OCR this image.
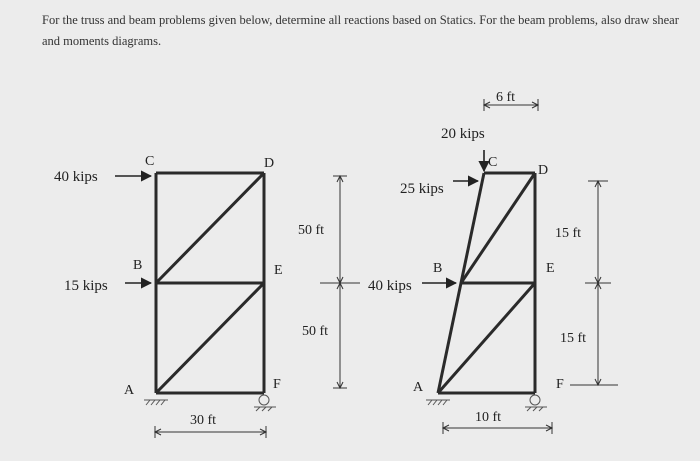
For the truss and beam problems given below, determine all reactions based on Statics. For the beam problems, also draw shear and moments diagrams.
40 kips
15 kips
C	D
B	E
A	F
50 ft
50 ft
30 ft
20 kips
25 kips
40 kips
C
D
B	E
A	F
6 ft
15 ft
15 ft
10 ft
